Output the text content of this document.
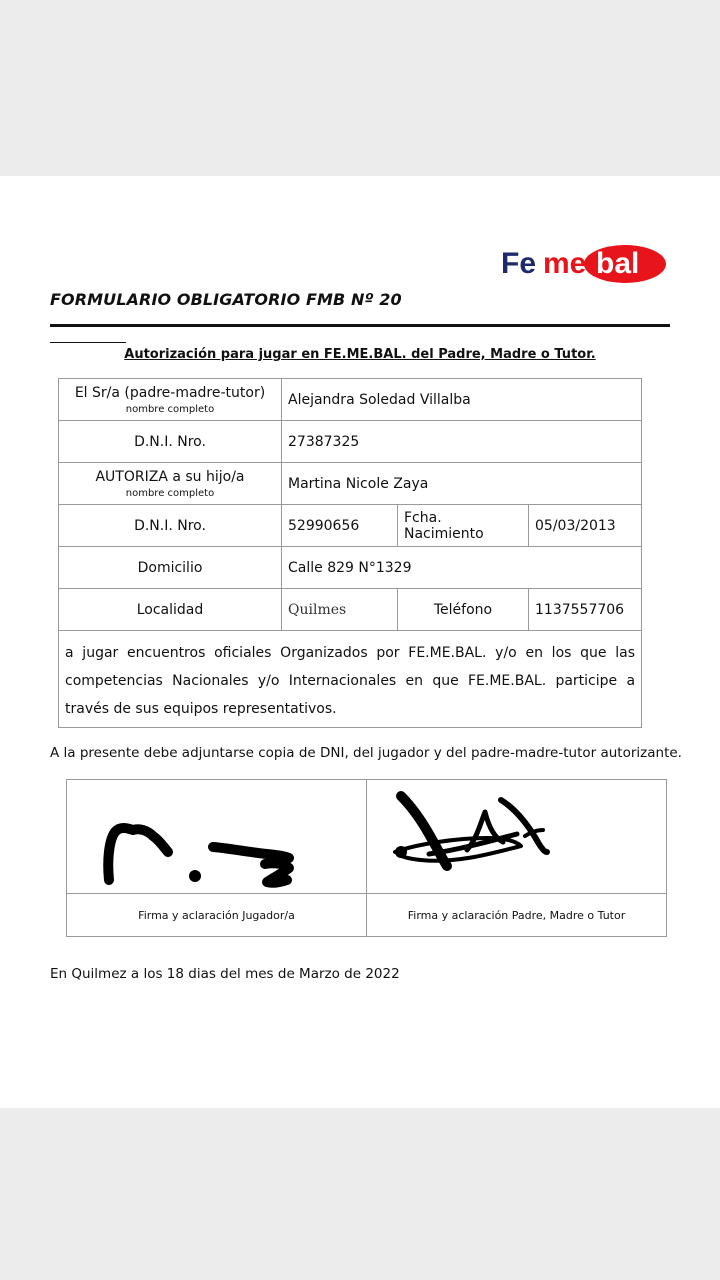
Fe me bal
FORMULARIO OBLIGATORIO FMB Nº 20
Autorización para jugar en FE.ME.BAL. del Padre, Madre o Tutor.
El Sr/a (padre-madre-tutor)
nombre completo	Alejandra Soledad Villalba		
D.N.I. Nro.	27387325		
AUTORIZA a su hijo/a
nombre completo	Martina Nicole Zaya		
D.N.I. Nro.	52990656	Fcha. Nacimiento	05/03/2013
Domicilio	Calle 829 N°1329		
Localidad	Quilmes	Teléfono	1137557706
a jugar encuentros oficiales Organizados por FE.ME.BAL. y/o en los que las competencias Nacionales y/o Internacionales en que FE.ME.BAL. participe a través de sus equipos representativos.			
A la presente debe adjuntarse copia de DNI, del jugador y del padre-madre-tutor autorizante.

Firma y aclaración Jugador/a	Firma y aclaración Padre, Madre o Tutor
En Quilmez a los 18 dias del mes de Marzo de 2022
